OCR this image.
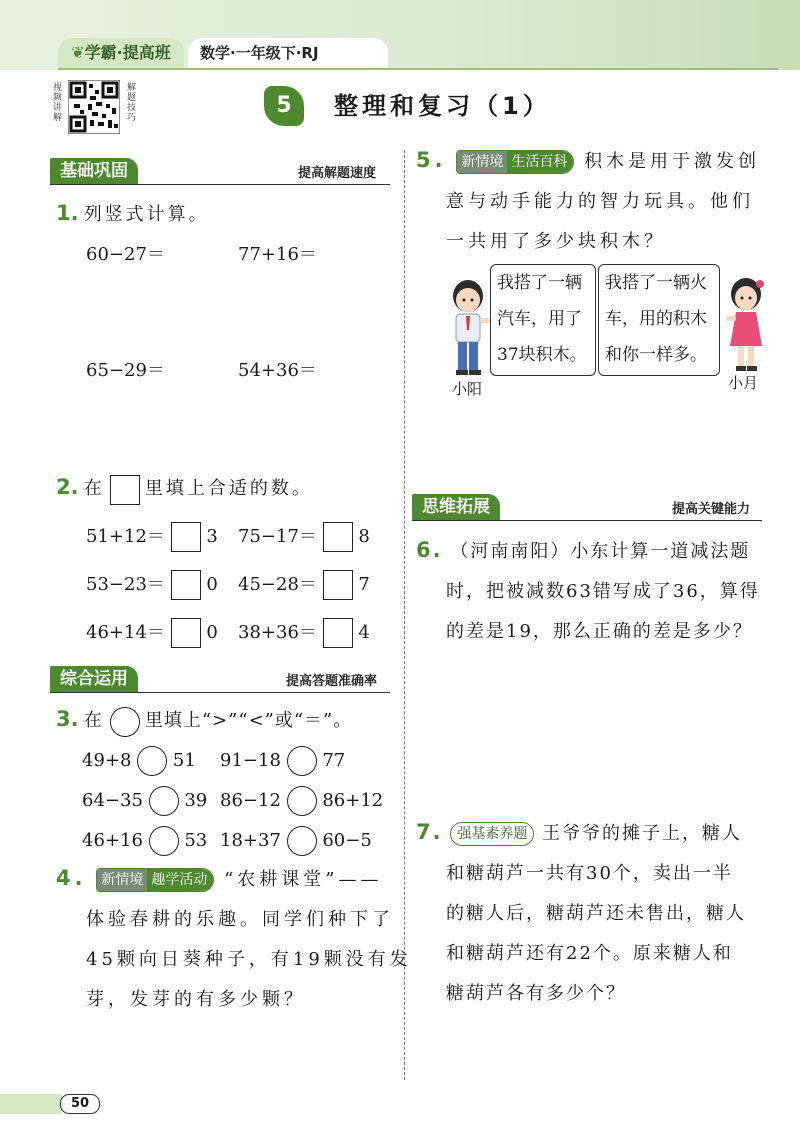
❦学霸·提高班	数学·一年级下·RJ
视频讲解	解题技巧	5	整理和复习（1）
基础巩固	提高解题速度
1. 列竖式计算。
60−27＝	77+16＝
65−29＝	54+36＝
2. 在 里填上合适的数。
51+12＝ 3 75−17＝ 8
53−23＝ 0 45−28＝ 7
46+14＝ 0 38+36＝ 4
综合运用	提高答题准确率
3. 在 里填上“>”“<”或“＝”。
49+8 51 91−18 77
64−35 39 86−12 86+12
46+16 53 18+37 60−5
4. 新情境 趣学活动 “农耕课堂”——
体验春耕的乐趣。同学们种下了
45颗向日葵种子，有19颗没有发
芽，发芽的有多少颗？
5. 新情境 生活百科 积木是用于激发创
意与动手能力的智力玩具。他们
一共用了多少块积木？
小阳
我搭了一辆
汽车，用了
37块积木。
我搭了一辆火
车，用的积木
和你一样多。
小月
思维拓展	提高关键能力
6. （河南南阳）小东计算一道减法题
时，把被减数63错写成了36，算得
的差是19，那么正确的差是多少？
7. 强基素养题 王爷爷的摊子上，糖人
和糖葫芦一共有30个，卖出一半
的糖人后，糖葫芦还未售出，糖人
和糖葫芦还有22个。原来糖人和
糖葫芦各有多少个？
50
